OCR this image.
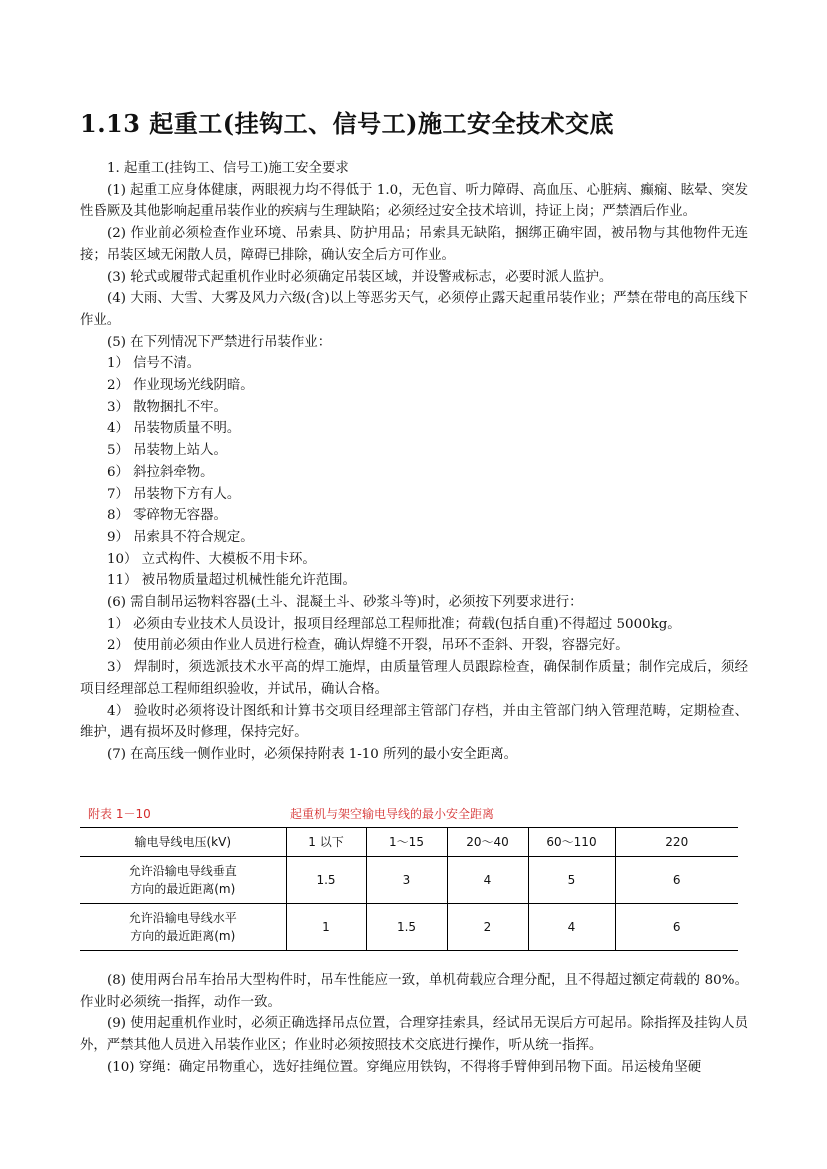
1.13 起重工(挂钩工、信号工)施工安全技术交底

1. 起重工(挂钩工、信号工)施工安全要求

(1) 起重工应身体健康，两眼视力均不得低于 1.0，无色盲、听力障碍、高血压、心脏病、癫痫、眩晕、突发性昏厥及其他影响起重吊装作业的疾病与生理缺陷；必须经过安全技术培训，持证上岗；严禁酒后作业。

(2) 作业前必须检查作业环境、吊索具、防护用品；吊索具无缺陷，捆绑正确牢固，被吊物与其他物件无连接；吊装区域无闲散人员，障碍已排除，确认安全后方可作业。

(3) 轮式或履带式起重机作业时必须确定吊装区域，并设警戒标志，必要时派人监护。

(4) 大雨、大雪、大雾及风力六级(含)以上等恶劣天气，必须停止露天起重吊装作业；严禁在带电的高压线下作业。

(5) 在下列情况下严禁进行吊装作业：

1） 信号不清。

2） 作业现场光线阴暗。

3） 散物捆扎不牢。

4） 吊装物质量不明。

5） 吊装物上站人。

6） 斜拉斜牵物。

7） 吊装物下方有人。

8） 零碎物无容器。

9） 吊索具不符合规定。

10） 立式构件、大模板不用卡环。

11） 被吊物质量超过机械性能允许范围。

(6) 需自制吊运物料容器(土斗、混凝土斗、砂浆斗等)时，必须按下列要求进行：

1） 必须由专业技术人员设计，报项目经理部总工程师批准；荷载(包括自重)不得超过 5000kg。

2） 使用前必须由作业人员进行检查，确认焊缝不开裂，吊环不歪斜、开裂，容器完好。

3） 焊制时，须选派技术水平高的焊工施焊，由质量管理人员跟踪检查，确保制作质量；制作完成后，须经项目经理部总工程师组织验收，并试吊，确认合格。

4） 验收时必须将设计图纸和计算书交项目经理部主管部门存档，并由主管部门纳入管理范畴，定期检查、维护，遇有损坏及时修理，保持完好。

(7) 在高压线一侧作业时，必须保持附表 1-10 所列的最小安全距离。

附表 1－10	起重机与架空输电导线的最小安全距离
输电导线电压(kV)	1 以下	1～15	20～40	60～110	220

允许沿输电导线垂直
方向的最近距离(m)	1.5	3	4	5	6

允许沿输电导线水平
方向的最近距离(m)	1	1.5	2	4	6

(8) 使用两台吊车抬吊大型构件时，吊车性能应一致，单机荷载应合理分配，且不得超过额定荷载的 80%。作业时必须统一指挥，动作一致。

(9) 使用起重机作业时，必须正确选择吊点位置，合理穿挂索具，经试吊无误后方可起吊。除指挥及挂钩人员外，严禁其他人员进入吊装作业区；作业时必须按照技术交底进行操作，听从统一指挥。

(10) 穿绳：确定吊物重心，选好挂绳位置。穿绳应用铁钩，不得将手臂伸到吊物下面。吊运棱角坚硬
